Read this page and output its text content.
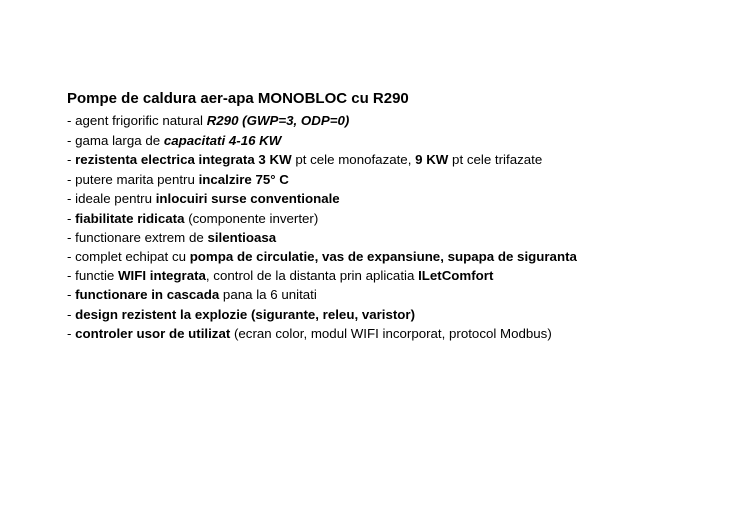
Pompe de caldura aer-apa MONOBLOC cu R290
- agent frigorific natural R290 (GWP=3, ODP=0)
- gama larga de capacitati 4-16 KW
- rezistenta electrica integrata 3 KW pt cele monofazate, 9 KW pt cele trifazate
- putere marita pentru incalzire 75° C
- ideale pentru inlocuiri surse conventionale
- fiabilitate ridicata (componente inverter)
- functionare extrem de silentioasa
- complet echipat cu pompa de circulatie, vas de expansiune, supapa de siguranta
- functie WIFI integrata, control de la distanta prin aplicatia ILetComfort
- functionare in cascada pana la 6 unitati
- design rezistent la explozie (sigurante, releu, varistor)
- controler usor de utilizat (ecran color, modul WIFI incorporat, protocol Modbus)
